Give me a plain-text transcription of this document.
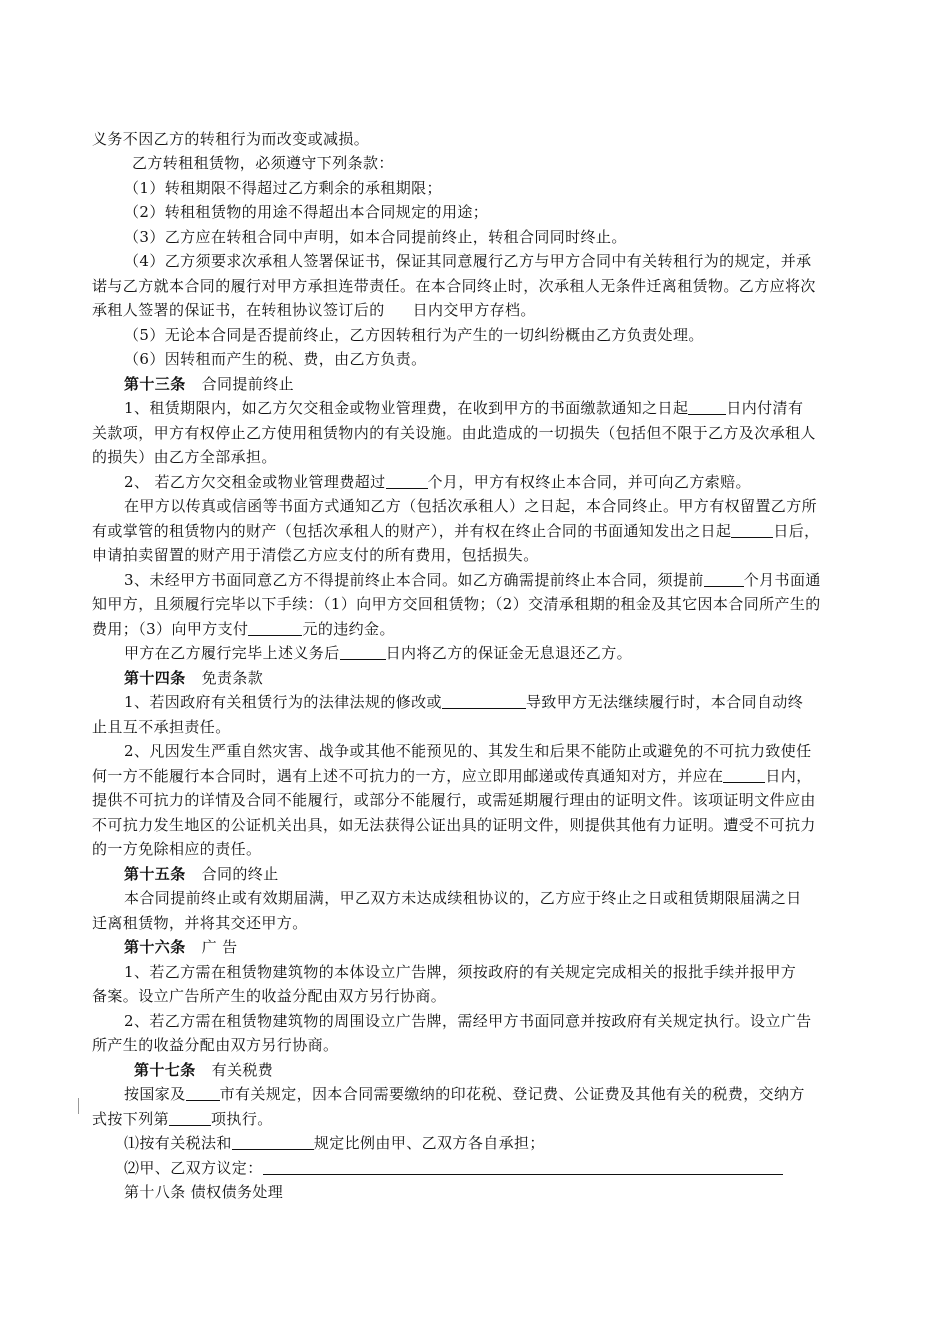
义务不因乙方的转租行为而改变或减损。
乙方转租租赁物，必须遵守下列条款：
（1）转租期限不得超过乙方剩余的承租期限；
（2）转租租赁物的用途不得超出本合同规定的用途；
（3）乙方应在转租合同中声明，如本合同提前终止，转租合同同时终止。
（4）乙方须要求次承租人签署保证书，保证其同意履行乙方与甲方合同中有关转租行为的规定，并承
诺与乙方就本合同的履行对甲方承担连带责任。在本合同终止时，次承租人无条件迁离租赁物。乙方应将次
承租人签署的保证书，在转租协议签订后的 日内交甲方存档。
（5）无论本合同是否提前终止，乙方因转租行为产生的一切纠纷概由乙方负责处理。
（6）因转租而产生的税、费，由乙方负责。
第十三条 合同提前终止
1、租赁期限内，如乙方欠交租金或物业管理费，在收到甲方的书面缴款通知之日起	日内付清有
关款项，甲方有权停止乙方使用租赁物内的有关设施。由此造成的一切损失（包括但不限于乙方及次承租人
的损失）由乙方全部承担。
2、 若乙方欠交租金或物业管理费超过	个月，甲方有权终止本合同，并可向乙方索赔。
在甲方以传真或信函等书面方式通知乙方（包括次承租人）之日起，本合同终止。甲方有权留置乙方所
有或掌管的租赁物内的财产（包括次承租人的财产），并有权在终止合同的书面通知发出之日起	日后，
申请拍卖留置的财产用于清偿乙方应支付的所有费用，包括损失。
3、未经甲方书面同意乙方不得提前终止本合同。如乙方确需提前终止本合同，须提前	个月书面通
知甲方，且须履行完毕以下手续：（1）向甲方交回租赁物；（2）交清承租期的租金及其它因本合同所产生的
费用；（3）向甲方支付	元的违约金。
甲方在乙方履行完毕上述义务后	日内将乙方的保证金无息退还乙方。
第十四条 免责条款
1、若因政府有关租赁行为的法律法规的修改或	导致甲方无法继续履行时，本合同自动终
止且互不承担责任。
2、凡因发生严重自然灾害、战争或其他不能预见的、其发生和后果不能防止或避免的不可抗力致使任
何一方不能履行本合同时，遇有上述不可抗力的一方，应立即用邮递或传真通知对方，并应在	日内，
提供不可抗力的详情及合同不能履行，或部分不能履行，或需延期履行理由的证明文件。该项证明文件应由
不可抗力发生地区的公证机关出具，如无法获得公证出具的证明文件，则提供其他有力证明。遭受不可抗力
的一方免除相应的责任。
第十五条 合同的终止
本合同提前终止或有效期届满，甲乙双方未达成续租协议的，乙方应于终止之日或租赁期限届满之日
迁离租赁物，并将其交还甲方。
第十六条 广 告
1、若乙方需在租赁物建筑物的本体设立广告牌，须按政府的有关规定完成相关的报批手续并报甲方
备案。设立广告所产生的收益分配由双方另行协商。
2、若乙方需在租赁物建筑物的周围设立广告牌，需经甲方书面同意并按政府有关规定执行。设立广告
所产生的收益分配由双方另行协商。
第十七条 有关税费
按国家及 市有关规定，因本合同需要缴纳的印花税、登记费、公证费及其他有关的税费，交纳方
式按下列第	项执行。
⑴按有关税法和	规定比例由甲、乙双方各自承担；
⑵甲、乙双方议定：
第十八条 债权债务处理
